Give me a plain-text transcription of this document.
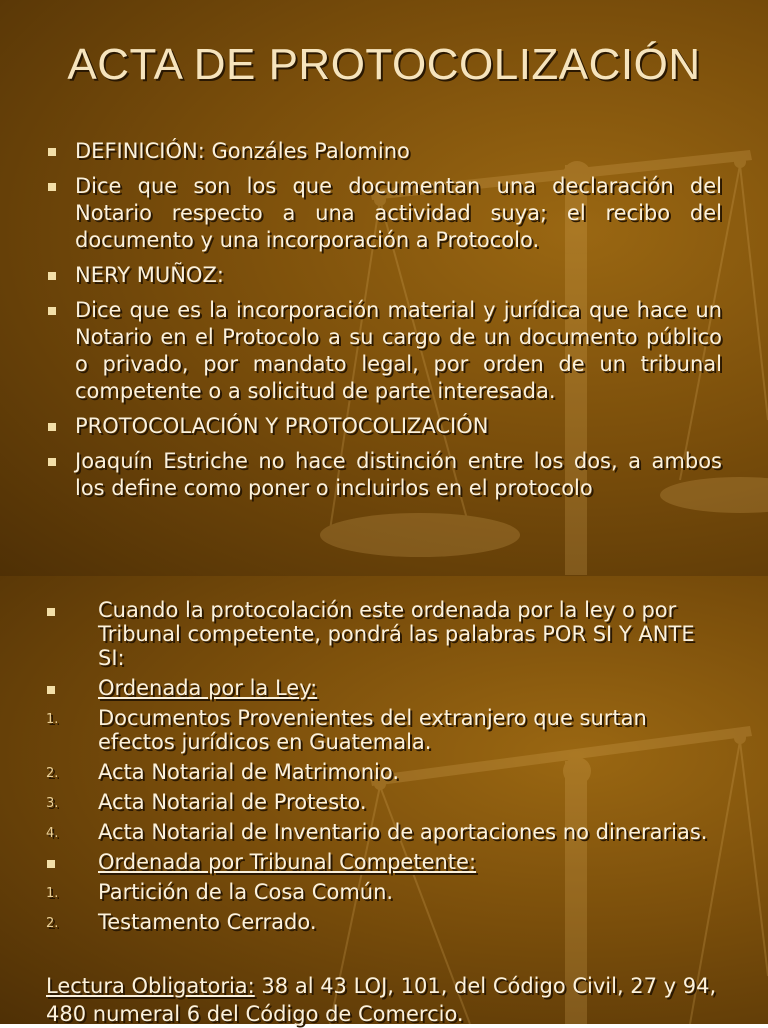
ACTA DE PROTOCOLIZACIÓN
DEFINICIÓN: Gonzáles Palomino
Dice que son los que documentan una declaración del Notario respecto a una actividad suya; el recibo del documento y una incorporación a Protocolo.
NERY MUÑOZ:
Dice que es la incorporación material y jurídica que hace un Notario en el Protocolo a su cargo de un documento público o privado, por mandato legal, por orden de un tribunal competente o a solicitud de parte interesada.
PROTOCOLACIÓN Y PROTOCOLIZACIÓN
Joaquín Estriche no hace distinción entre los dos, a ambos los define como poner o incluirlos en el protocolo
Cuando la protocolación este ordenada por la ley o por Tribunal competente, pondrá las palabras POR SI Y ANTE SI:
Ordenada por la Ley:
1. Documentos Provenientes del extranjero que surtan efectos jurídicos en Guatemala.
2. Acta Notarial de Matrimonio.
3. Acta Notarial de Protesto.
4. Acta Notarial de Inventario de aportaciones no dinerarias.
Ordenada por Tribunal Competente:
1. Partición de la Cosa Común.
2. Testamento Cerrado.
Lectura Obligatoria: 38 al 43 LOJ, 101, del Código Civil, 27 y 94, 480 numeral 6 del Código de Comercio.
